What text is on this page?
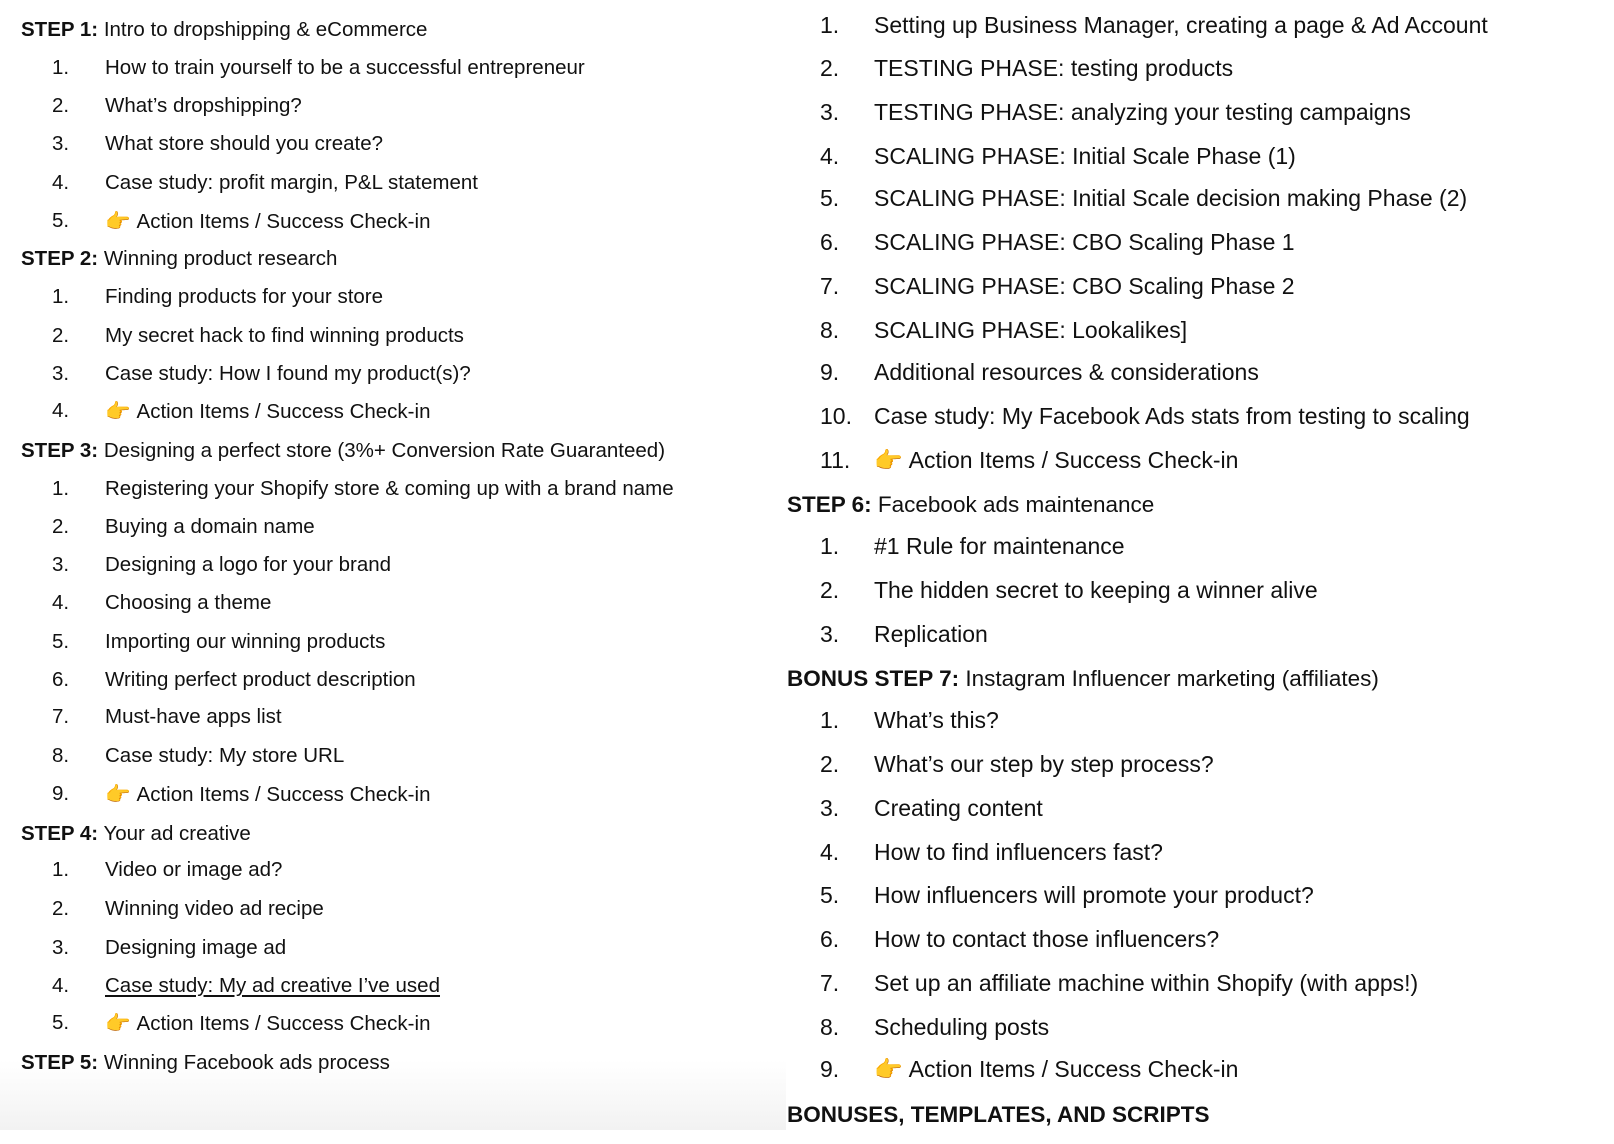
STEP 1: Intro to dropshipping & eCommerce
1.	How to train yourself to be a successful entrepreneur
2.	What’s dropshipping?
3.	What store should you create?
4.	Case study: profit margin, P&L statement
5.	👉 Action Items / Success Check-in
STEP 2: Winning product research
1.	Finding products for your store
2.	My secret hack to find winning products
3.	Case study: How I found my product(s)?
4.	👉 Action Items / Success Check-in
STEP 3: Designing a perfect store (3%+ Conversion Rate Guaranteed)
1.	Registering your Shopify store & coming up with a brand name
2.	Buying a domain name
3.	Designing a logo for your brand
4.	Choosing a theme
5.	Importing our winning products
6.	Writing perfect product description
7.	Must-have apps list
8.	Case study: My store URL
9.	👉 Action Items / Success Check-in
STEP 4: Your ad creative
1.	Video or image ad?
2.	Winning video ad recipe
3.	Designing image ad
4.	Case study: My ad creative I’ve used
5.	👉 Action Items / Success Check-in
STEP 5: Winning Facebook ads process
1.	Setting up Business Manager, creating a page & Ad Account
2.	TESTING PHASE: testing products
3.	TESTING PHASE: analyzing your testing campaigns
4.	SCALING PHASE: Initial Scale Phase (1)
5.	SCALING PHASE: Initial Scale decision making Phase (2)
6.	SCALING PHASE: CBO Scaling Phase 1
7.	SCALING PHASE: CBO Scaling Phase 2
8.	SCALING PHASE: Lookalikes]
9.	Additional resources & considerations
10. Case study: My Facebook Ads stats from testing to scaling
11. 👉 Action Items / Success Check-in
STEP 6: Facebook ads maintenance
1.	#1 Rule for maintenance
2.	The hidden secret to keeping a winner alive
3.	Replication
BONUS STEP 7: Instagram Influencer marketing (affiliates)
1.	What’s this?
2.	What’s our step by step process?
3.	Creating content
4.	How to find influencers fast?
5.	How influencers will promote your product?
6.	How to contact those influencers?
7.	Set up an affiliate machine within Shopify (with apps!)
8.	Scheduling posts
9.	👉 Action Items / Success Check-in
BONUSES, TEMPLATES, AND SCRIPTS
